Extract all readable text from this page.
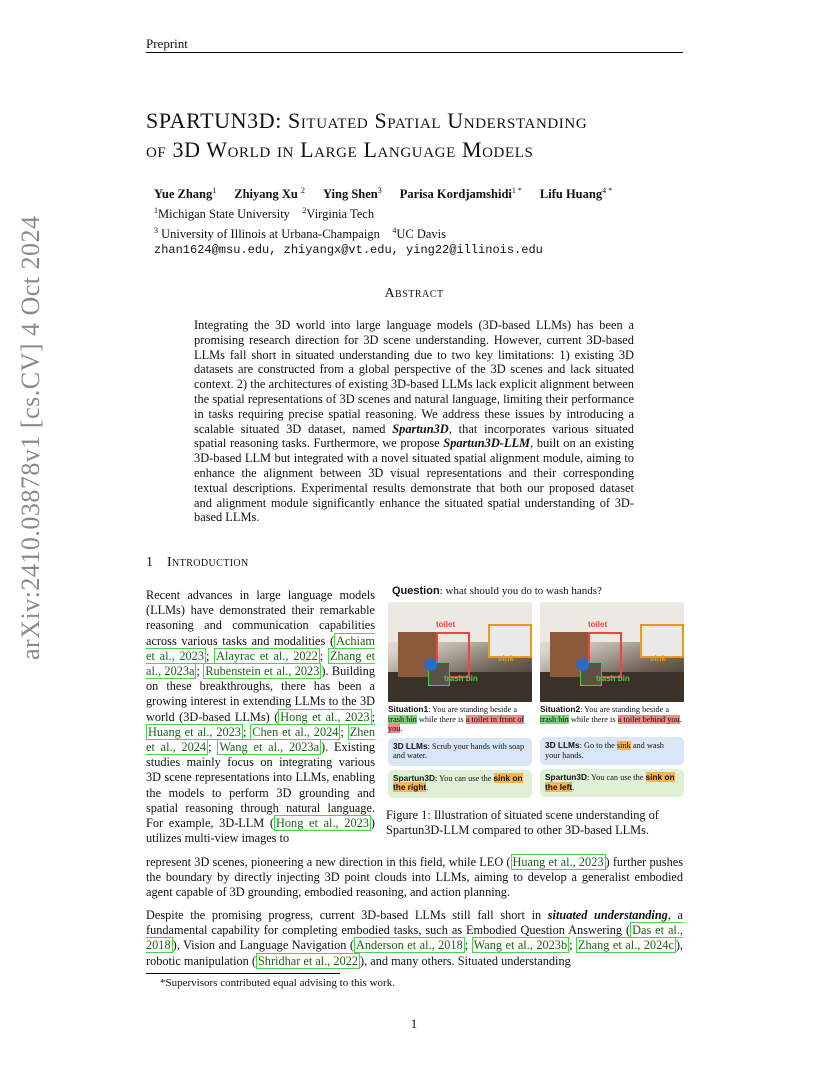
Preprint
arXiv:2410.03878v1 [cs.CV] 4 Oct 2024
SPARTUN3D: Situated Spatial Understanding
of 3D World in Large Language Models
Yue Zhang$^1$ Zhiyang Xu $^2$ Ying Shen$^3$ Parisa Kordjamshidi$^{1 *}$ Lifu Huang$^{4 *}$
$^1$Michigan State University $^2$Virginia Tech
$^3$ University of Illinois at Urbana-Champaign $^4$UC Davis
zhan1624@msu.edu, zhiyangx@vt.edu, ying22@illinois.edu
Abstract
Integrating the 3D world into large language models (3D-based LLMs) has been a promising research direction for 3D scene understanding. However, current 3D-based LLMs fall short in situated understanding due to two key limitations: 1) existing 3D datasets are constructed from a global perspective of the 3D scenes and lack situated context. 2) the architectures of existing 3D-based LLMs lack explicit alignment between the spatial representations of 3D scenes and natural language, limiting their performance in tasks requiring precise spatial reasoning. We address these issues by introducing a scalable situated 3D dataset, named Spartun3D, that incorporates various situated spatial reasoning tasks. Furthermore, we propose Spartun3D-LLM, built on an existing 3D-based LLM but integrated with a novel situated spatial alignment module, aiming to enhance the alignment between 3D visual representations and their corresponding textual descriptions. Experimental results demonstrate that both our proposed dataset and alignment module significantly enhance the situated spatial understanding of 3D-based LLMs.
1 Introduction
Recent advances in large language models (LLMs) have demonstrated their remarkable reasoning and communication capabilities across various tasks and modalities ( Achiam et al., 2023 ; Alayrac et al., 2022 ; Zhang et al., 2023a ; Rubenstein et al., 2023 ). Building on these breakthroughs, there has been a growing interest in extending LLMs to the 3D world (3D-based LLMs) ( Hong et al., 2023 ; Huang et al., 2023 ; Chen et al., 2024 ; Zhen et al., 2024 ; Wang et al., 2023a ). Existing studies mainly focus on integrating various 3D scene representations into LLMs, enabling the models to perform 3D grounding and spatial reasoning through natural language. For example, 3D-LLM ( Hong et al., 2023 ) utilizes multi-view images to
represent 3D scenes, pioneering a new direction in this field, while LEO ( Huang et al., 2023 ) further pushes the boundary by directly injecting 3D point clouds into LLMs, aiming to develop a generalist embodied agent capable of 3D grounding, embodied reasoning, and action planning.
Despite the promising progress, current 3D-based LLMs still fall short in situated understanding, a fundamental capability for completing embodied tasks, such as Embodied Question Answering ( Das et al., 2018 ), Vision and Language Navigation ( Anderson et al., 2018 ; Wang et al., 2023b ; Zhang et al., 2024c ), robotic manipulation ( Shridhar et al., 2022 ), and many others. Situated understanding
Question: what should you do to wash hands?
sink
toilet
trash bin
Situation1: You are standing beside a trash bin while there is a toilet in front of you.
3D LLMs: Scrub your hands with soap and water.
Spartun3D: You can use the sink on the right.
sink
toilet
trash bin
Situation2: You are standing beside a trash bin while there is a toilet behind you.
3D LLMs: Go to the sink and wash your hands.
Spartun3D: You can use the sink on the left.
Figure 1: Illustration of situated scene understanding of Spartun3D-LLM compared to other 3D-based LLMs.
*Supervisors contributed equal advising to this work.
1
